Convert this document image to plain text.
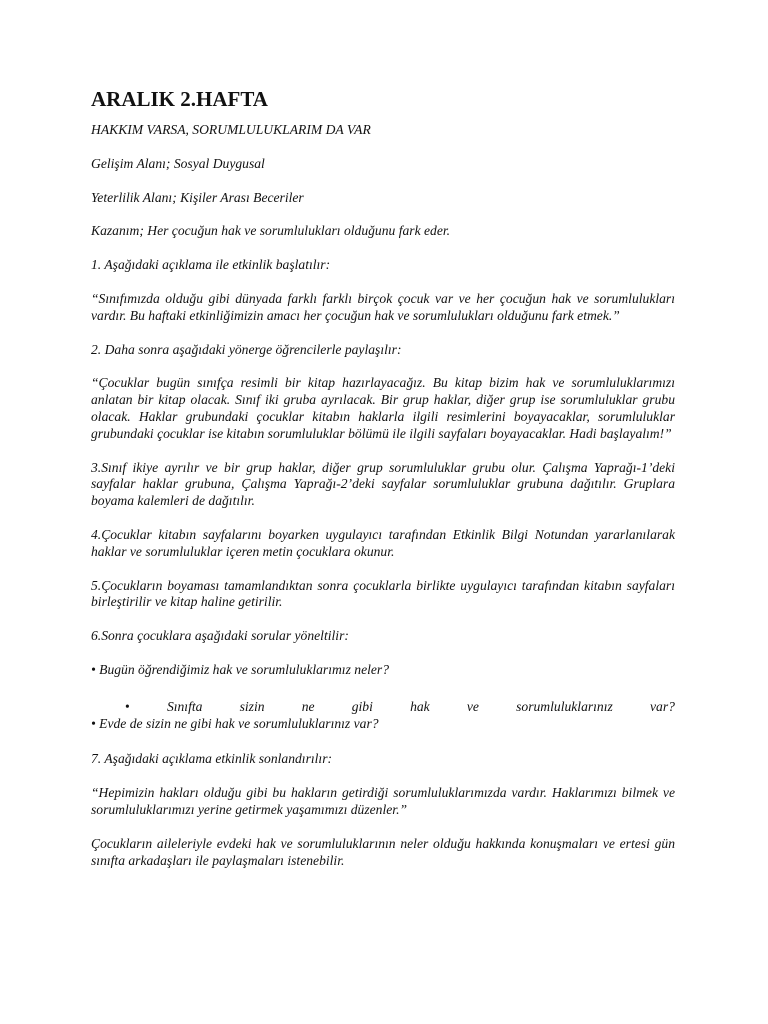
ARALIK 2.HAFTA

HAKKIM VARSA, SORUMLULUKLARIM DA VAR

Gelişim Alanı; Sosyal Duygusal

Yeterlilik Alanı; Kişiler Arası Beceriler

Kazanım; Her çocuğun hak ve sorumlulukları olduğunu fark eder.

1. Aşağıdaki açıklama ile etkinlik başlatılır:

“Sınıfımızda olduğu gibi dünyada farklı farklı birçok çocuk var ve her çocuğun hak ve sorumlulukları vardır. Bu haftaki etkinliğimizin amacı her çocuğun hak ve sorumlulukları olduğunu fark etmek.”

2. Daha sonra aşağıdaki yönerge öğrencilerle paylaşılır:

“Çocuklar bugün sınıfça resimli bir kitap hazırlayacağız. Bu kitap bizim hak ve sorumluluklarımızı anlatan bir kitap olacak. Sınıf iki gruba ayrılacak. Bir grup haklar, diğer grup ise sorumluluklar grubu olacak. Haklar grubundaki çocuklar kitabın haklarla ilgili resimlerini boyayacaklar, sorumluluklar grubundaki çocuklar ise kitabın sorumluluklar bölümü ile ilgili sayfaları boyayacaklar. Hadi başlayalım!”

3.Sınıf ikiye ayrılır ve bir grup haklar, diğer grup sorumluluklar grubu olur. Çalışma Yaprağı-1’deki sayfalar haklar grubuna, Çalışma Yaprağı-2’deki sayfalar sorumluluklar grubuna dağıtılır. Gruplara boyama kalemleri de dağıtılır.

4.Çocuklar kitabın sayfalarını boyarken uygulayıcı tarafından Etkinlik Bilgi Notundan yararlanılarak haklar ve sorumluluklar içeren metin çocuklara okunur.

5.Çocukların boyaması tamamlandıktan sonra çocuklarla birlikte uygulayıcı tarafından kitabın sayfaları birleştirilir ve kitap haline getirilir.

6.Sonra çocuklara aşağıdaki sorular yöneltilir:

• Bugün öğrendiğimiz hak ve sorumluluklarımız neler?

•	Sınıfta	sizin	ne	gibi	hak	ve	sorumluluklarınız	var?

• Evde de sizin ne gibi hak ve sorumluluklarınız var?

7. Aşağıdaki açıklama etkinlik sonlandırılır:

“Hepimizin hakları olduğu gibi bu hakların getirdiği sorumluluklarımızda vardır. Haklarımızı bilmek ve sorumluluklarımızı yerine getirmek yaşamımızı düzenler.”

Çocukların aileleriyle evdeki hak ve sorumluluklarının neler olduğu hakkında konuşmaları ve ertesi gün sınıfta arkadaşları ile paylaşmaları istenebilir.
